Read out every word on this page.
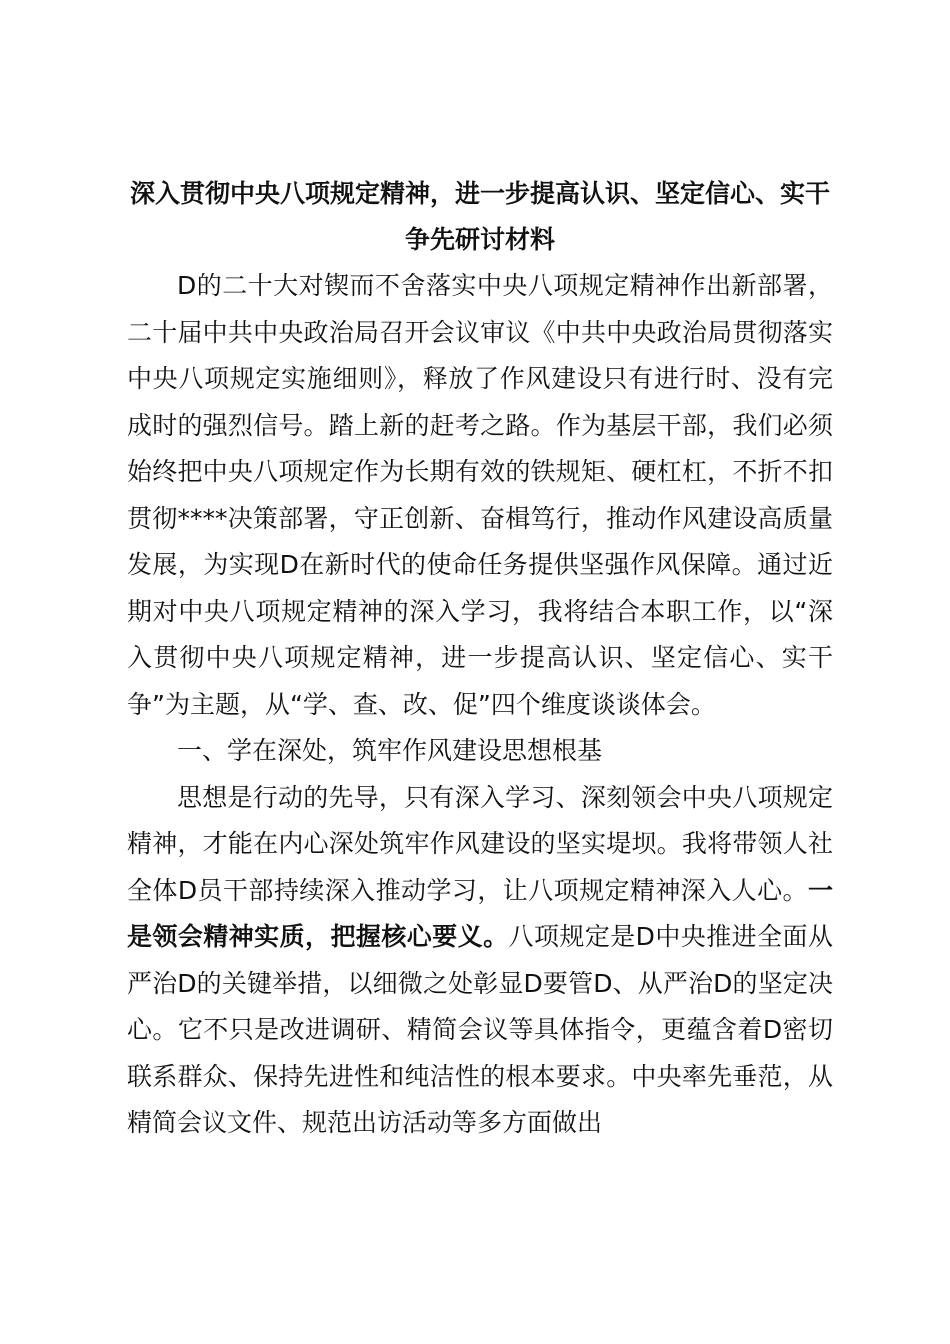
深入贯彻中央八项规定精神，进一步提高认识、坚定信心、实干争先研讨材料

D的二十大对锲而不舍落实中央八项规定精神作出新部署，二十届中共中央政治局召开会议审议《中共中央政治局贯彻落实中央八项规定实施细则》，释放了作风建设只有进行时、没有完成时的强烈信号。踏上新的赶考之路。作为基层干部，我们必须始终把中央八项规定作为长期有效的铁规矩、硬杠杠，不折不扣贯彻****决策部署，守正创新、奋楫笃行，推动作风建设高质量发展，为实现D在新时代的使命任务提供坚强作风保障。通过近期对中央八项规定精神的深入学习，我将结合本职工作，以“深入贯彻中央八项规定精神，进一步提高认识、坚定信心、实干争”为主题，从“学、查、改、促”四个维度谈谈体会。

一、学在深处，筑牢作风建设思想根基

思想是行动的先导，只有深入学习、深刻领会中央八项规定精神，才能在内心深处筑牢作风建设的坚实堤坝。我将带领人社全体D员干部持续深入推动学习，让八项规定精神深入人心。一是领会精神实质，把握核心要义。八项规定是D中央推进全面从严治D的关键举措，以细微之处彰显D要管D、从严治D的坚定决心。它不只是改进调研、精简会议等具体指令，更蕴含着D密切联系群众、保持先进性和纯洁性的根本要求。中央率先垂范，从精简会议文件、规范出访活动等多方面做出
